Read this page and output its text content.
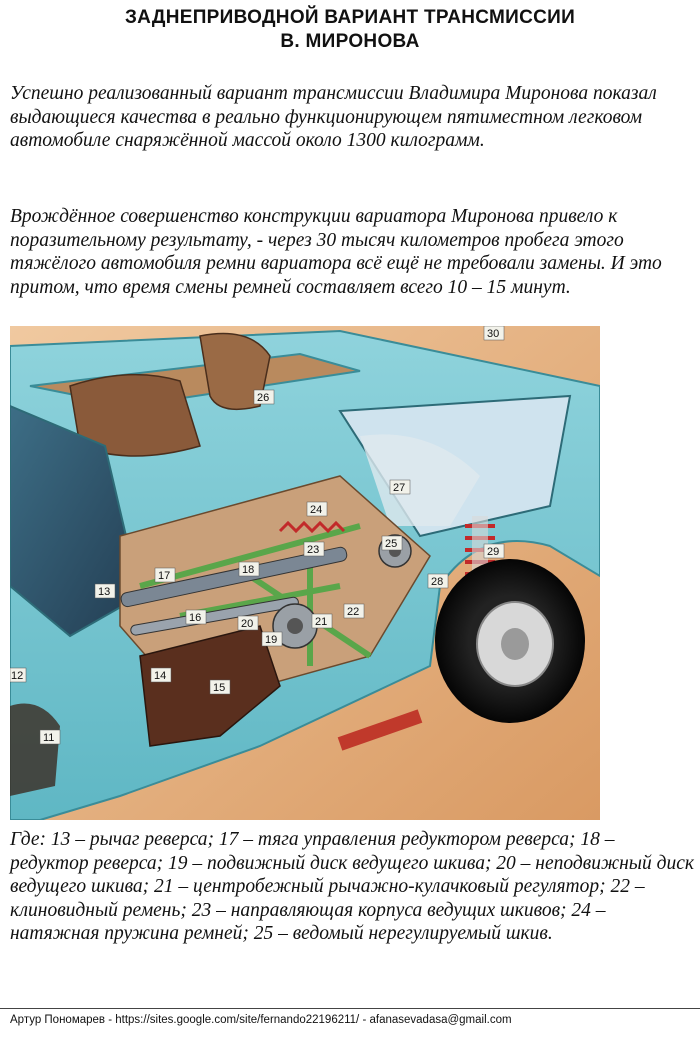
ЗАДНЕПРИВОДНОЙ ВАРИАНТ ТРАНСМИССИИ
В. МИРОНОВА

Успешно реализованный вариант трансмиссии Владимира Миронова показал выдающиеся качества в реально функционирующем пятиместном легковом автомобиле снаряжённой массой около 1300 килограмм.

Врождённое совершенство конструкции вариатора Миронова привело к поразительному результату, - через 30 тысяч километров пробега этого тяжёлого автомобиля ремни вариатора всё ещё не требовали замены. И это притом, что время смены ремней составляет всего 10 – 15 минут.

30
26
27
24
25
23	29
18
17	28
13
22
16	20	21
19
12	14
15
11

Где: 13 – рычаг реверса; 17 – тяга управления редуктором реверса; 18 – редуктор реверса; 19 – подвижный диск ведущего шкива; 20 – неподвижный диск ведущего шкива; 21 – центробежный рычажно-кулачковый регулятор; 22 – клиновидный ремень; 23 – направляющая корпуса ведущих шкивов; 24 – натяжная пружина ремней; 25 – ведомый нерегулируемый шкив.

Артур Пономарев - https://sites.google.com/site/fernando22196211/ - afanasevadasa@gmail.com
